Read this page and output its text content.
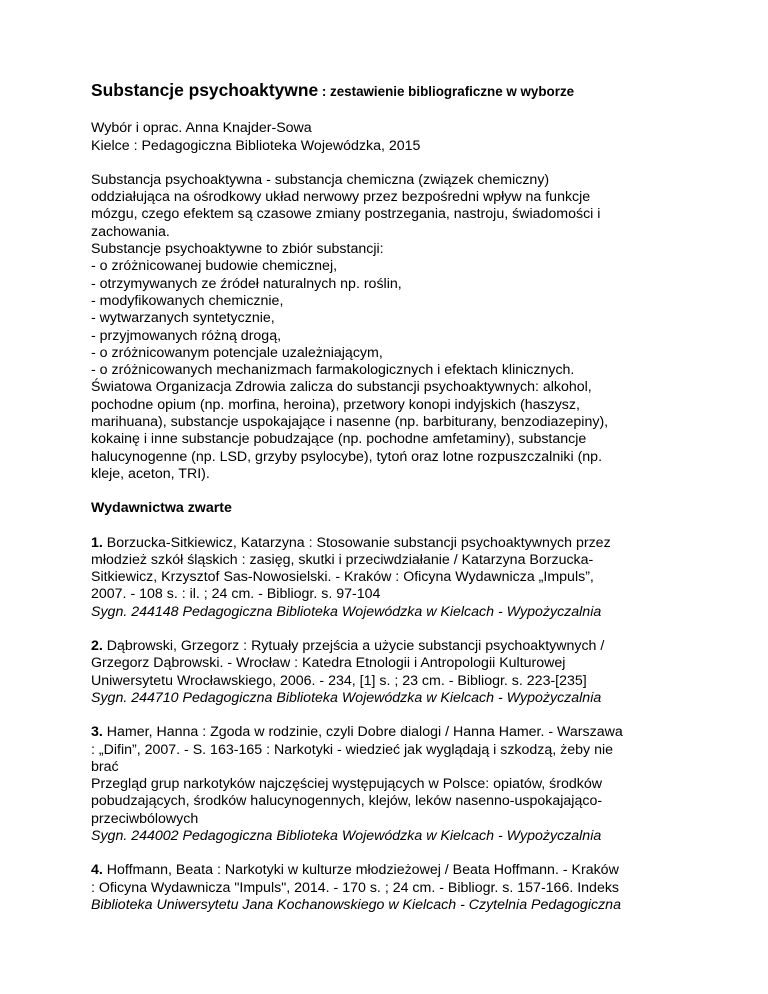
Substancje psychoaktywne : zestawienie bibliograficzne w wyborze
Wybór i oprac. Anna Knajder-Sowa
Kielce : Pedagogiczna Biblioteka Wojewódzka, 2015
Substancja psychoaktywna - substancja chemiczna (związek chemiczny)
oddziałująca na ośrodkowy układ nerwowy przez bezpośredni wpływ na funkcje
mózgu, czego efektem są czasowe zmiany postrzegania, nastroju, świadomości i
zachowania.
Substancje psychoaktywne to zbiór substancji:
- o zróżnicowanej budowie chemicznej,
- otrzymywanych ze źródeł naturalnych np. roślin,
- modyfikowanych chemicznie,
- wytwarzanych syntetycznie,
- przyjmowanych różną drogą,
- o zróżnicowanym potencjale uzależniającym,
- o zróżnicowanych mechanizmach farmakologicznych i efektach klinicznych.
Światowa Organizacja Zdrowia zalicza do substancji psychoaktywnych: alkohol,
pochodne opium (np. morfina, heroina), przetwory konopi indyjskich (haszysz,
marihuana), substancje uspokajające i nasenne (np. barbiturany, benzodiazepiny),
kokainę i inne substancje pobudzające (np. pochodne amfetaminy), substancje
halucynogenne (np. LSD, grzyby psylocybe), tytoń oraz lotne rozpuszczalniki (np.
kleje, aceton, TRI).
Wydawnictwa zwarte
1. Borzucka-Sitkiewicz, Katarzyna : Stosowanie substancji psychoaktywnych przez
młodzież szkół śląskich : zasięg, skutki i przeciwdziałanie / Katarzyna Borzucka-
Sitkiewicz, Krzysztof Sas-Nowosielski. - Kraków : Oficyna Wydawnicza „Impuls”,
2007. - 108 s. : il. ; 24 cm. - Bibliogr. s. 97-104
Sygn. 244148 Pedagogiczna Biblioteka Wojewódzka w Kielcach - Wypożyczalnia
2. Dąbrowski, Grzegorz : Rytuały przejścia a użycie substancji psychoaktywnych /
Grzegorz Dąbrowski. - Wrocław : Katedra Etnologii i Antropologii Kulturowej
Uniwersytetu Wrocławskiego, 2006. - 234, [1] s. ; 23 cm. - Bibliogr. s. 223-[235]
Sygn. 244710 Pedagogiczna Biblioteka Wojewódzka w Kielcach - Wypożyczalnia
3. Hamer, Hanna : Zgoda w rodzinie, czyli Dobre dialogi / Hanna Hamer. - Warszawa
: „Difin”, 2007. - S. 163-165 : Narkotyki - wiedzieć jak wyglądają i szkodzą, żeby nie
brać
Przegląd grup narkotyków najczęściej występujących w Polsce: opiatów, środków
pobudzających, środków halucynogennych, klejów, leków nasenno-uspokajająco-
przeciwbólowych
Sygn. 244002 Pedagogiczna Biblioteka Wojewódzka w Kielcach - Wypożyczalnia
4. Hoffmann, Beata : Narkotyki w kulturze młodzieżowej / Beata Hoffmann. - Kraków
: Oficyna Wydawnicza "Impuls", 2014. - 170 s. ; 24 cm. - Bibliogr. s. 157-166. Indeks
Biblioteka Uniwersytetu Jana Kochanowskiego w Kielcach - Czytelnia Pedagogiczna
